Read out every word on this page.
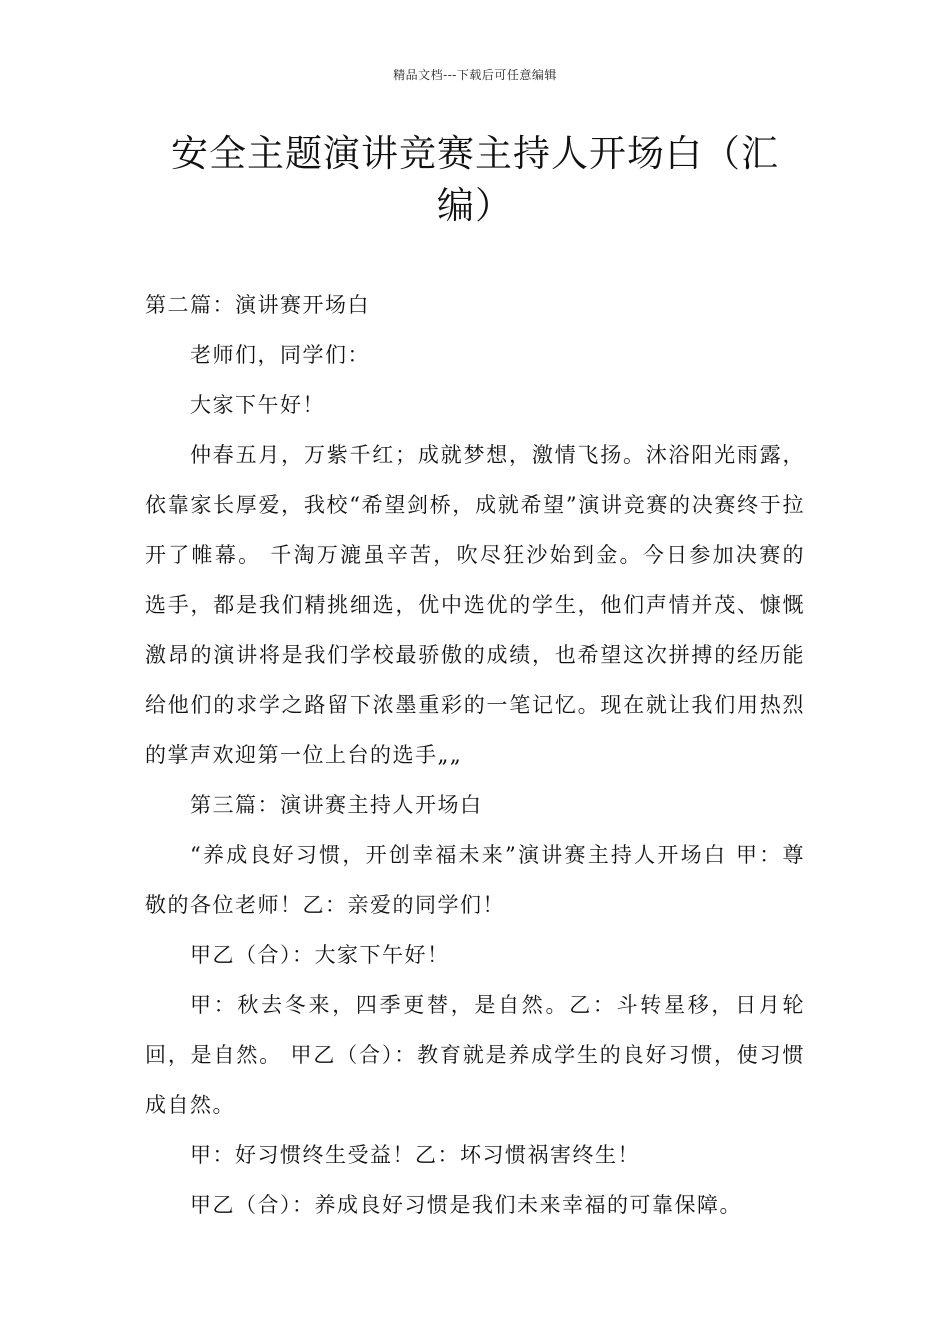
精品文档---下载后可任意编辑
安全主题演讲竞赛主持人开场白（汇编）

第二篇：演讲赛开场白

老师们，同学们：

大家下午好！

仲春五月，万紫千红；成就梦想，激情飞扬。沐浴阳光雨露，依靠家长厚爱，我校“希望剑桥，成就希望”演讲竞赛的决赛终于拉开了帷幕。 千淘万漉虽辛苦，吹尽狂沙始到金。今日参加决赛的选手，都是我们精挑细选，优中选优的学生，他们声情并茂、慷慨激昂的演讲将是我们学校最骄傲的成绩，也希望这次拼搏的经历能给他们的求学之路留下浓墨重彩的一笔记忆。现在就让我们用热烈的掌声欢迎第一位上台的选手„„

第三篇：演讲赛主持人开场白

“养成良好习惯，开创幸福未来”演讲赛主持人开场白 甲：尊敬的各位老师！乙：亲爱的同学们！

甲乙（合）：大家下午好！

甲：秋去冬来，四季更替，是自然。乙：斗转星移，日月轮回，是自然。 甲乙（合）：教育就是养成学生的良好习惯，使习惯成自然。

甲：好习惯终生受益！乙：坏习惯祸害终生！

甲乙（合）：养成良好习惯是我们未来幸福的可靠保障。
